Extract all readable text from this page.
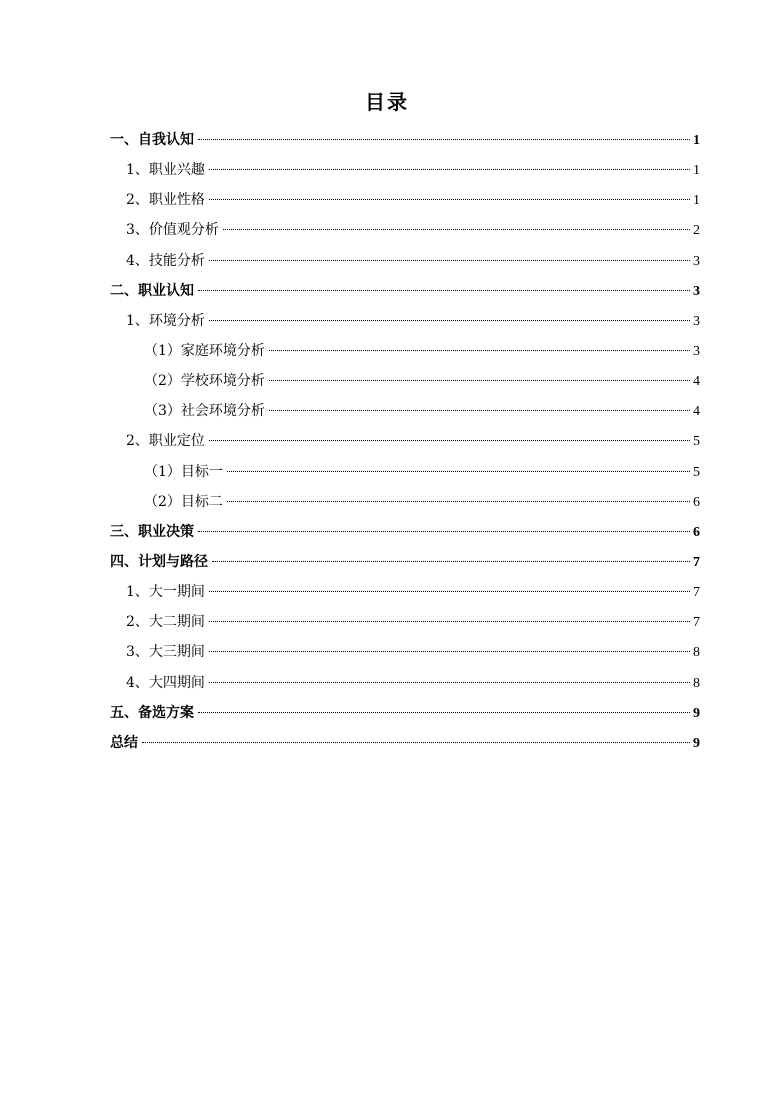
目录
一、自我认知	1
1、职业兴趣	1
2、职业性格	1
3、价值观分析	2
4、技能分析	3
二、职业认知	3
1、环境分析	3
（1）家庭环境分析	3
（2）学校环境分析	4
（3）社会环境分析	4
2、职业定位	5
（1）目标一	5
（2）目标二	6
三、职业决策	6
四、计划与路径	7
1、大一期间	7
2、大二期间	7
3、大三期间	8
4、大四期间	8
五、备选方案	9
总结	9
